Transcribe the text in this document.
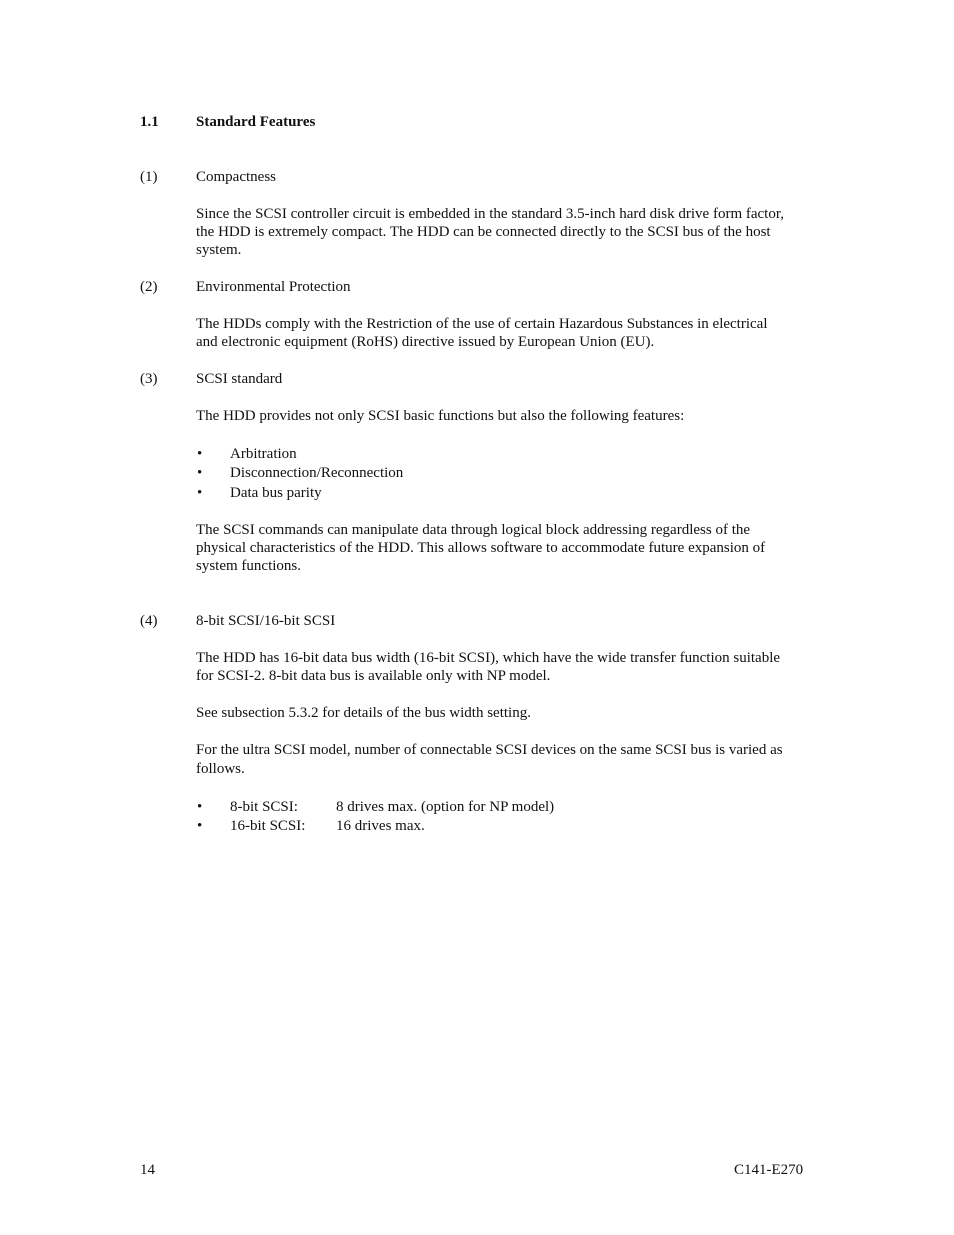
1.1 Standard Features
(1)	Compactness
Since the SCSI controller circuit is embedded in the standard 3.5-inch hard disk drive form factor,
the HDD is extremely compact. The HDD can be connected directly to the SCSI bus of the host
system.
(2)	Environmental Protection
The HDDs comply with the Restriction of the use of certain Hazardous Substances in electrical
and electronic equipment (RoHS) directive issued by European Union (EU).
(3)	SCSI standard
The HDD provides not only SCSI basic functions but also the following features:
• Arbitration
• Disconnection/Reconnection
• Data bus parity
The SCSI commands can manipulate data through logical block addressing regardless of the
physical characteristics of the HDD. This allows software to accommodate future expansion of
system functions.
(4)	8-bit SCSI/16-bit SCSI
The HDD has 16-bit data bus width (16-bit SCSI), which have the wide transfer function suitable
for SCSI-2. 8-bit data bus is available only with NP model.
See subsection 5.3.2 for details of the bus width setting.
For the ultra SCSI model, number of connectable SCSI devices on the same SCSI bus is varied as
follows.
• 8-bit SCSI:	8 drives max. (option for NP model)
• 16-bit SCSI: 16 drives max.
14	C141-E270
